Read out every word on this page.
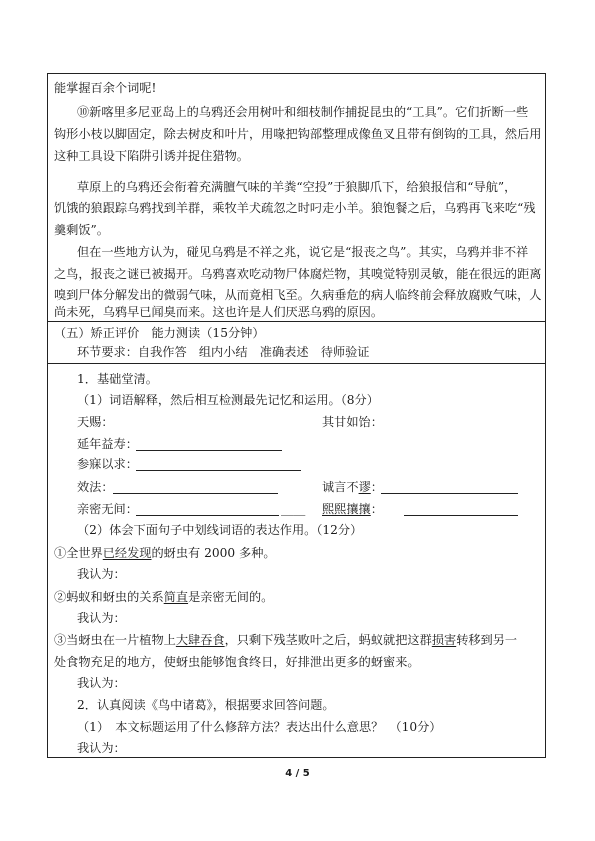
能掌握百余个词呢!
⑩新喀里多尼亚岛上的乌鸦还会用树叶和细枝制作捕捉昆虫的“工具”。它们折断一些
钩形小枝以脚固定，除去树皮和叶片，用喙把钩部整理成像鱼叉且带有倒钩的工具，然后用
这种工具设下陷阱引诱并捉住猎物。
草原上的乌鸦还会衔着充满膻气味的羊粪“空投”于狼脚爪下，给狼报信和“导航”，
饥饿的狼跟踪乌鸦找到羊群，乘牧羊犬疏忽之时叼走小羊。狼饱餐之后，乌鸦再飞来吃“残
羹剩饭”。
但在一些地方认为，碰见乌鸦是不祥之兆，说它是“报丧之鸟”。其实，乌鸦并非不祥
之鸟，报丧之谜已被揭开。乌鸦喜欢吃动物尸体腐烂物，其嗅觉特别灵敏，能在很远的距离
嗅到尸体分解发出的微弱气味，从而竟相飞至。久病垂危的病人临终前会释放腐败气味，人
尚未死，乌鸦早已闻臭而来。这也许是人们厌恶乌鸦的原因。
（五）矫正评价　能力测读（15分钟）
环节要求：自我作答　组内小结　准确表述　待师验证
1．基础堂清。
（1）词语解释，然后相互检测最先记忆和运用。（8分）
天赐：	其甘如饴：
延年益寿：
参寐以求：
效法：	诚言不谬：
亲密无间：	＿＿ 熙熙攘攘：
（2）体会下面句子中划线词语的表达作用。（12分）
①全世界已经发现的蚜虫有 2000 多种。
我认为：
②蚂蚁和蚜虫的关系简直是亲密无间的。
我认为：
③当蚜虫在一片植物上大肆吞食，只剩下残茎败叶之后，蚂蚁就把这群损害转移到另一
处食物充足的地方，使蚜虫能够饱食终日，好排泄出更多的蚜蜜来。
我认为：
2．认真阅读《鸟中诸葛》，根据要求回答问题。
（1）　本文标题运用了什么修辞方法？表达出什么意思？　（10分）
我认为：
4 / 5
